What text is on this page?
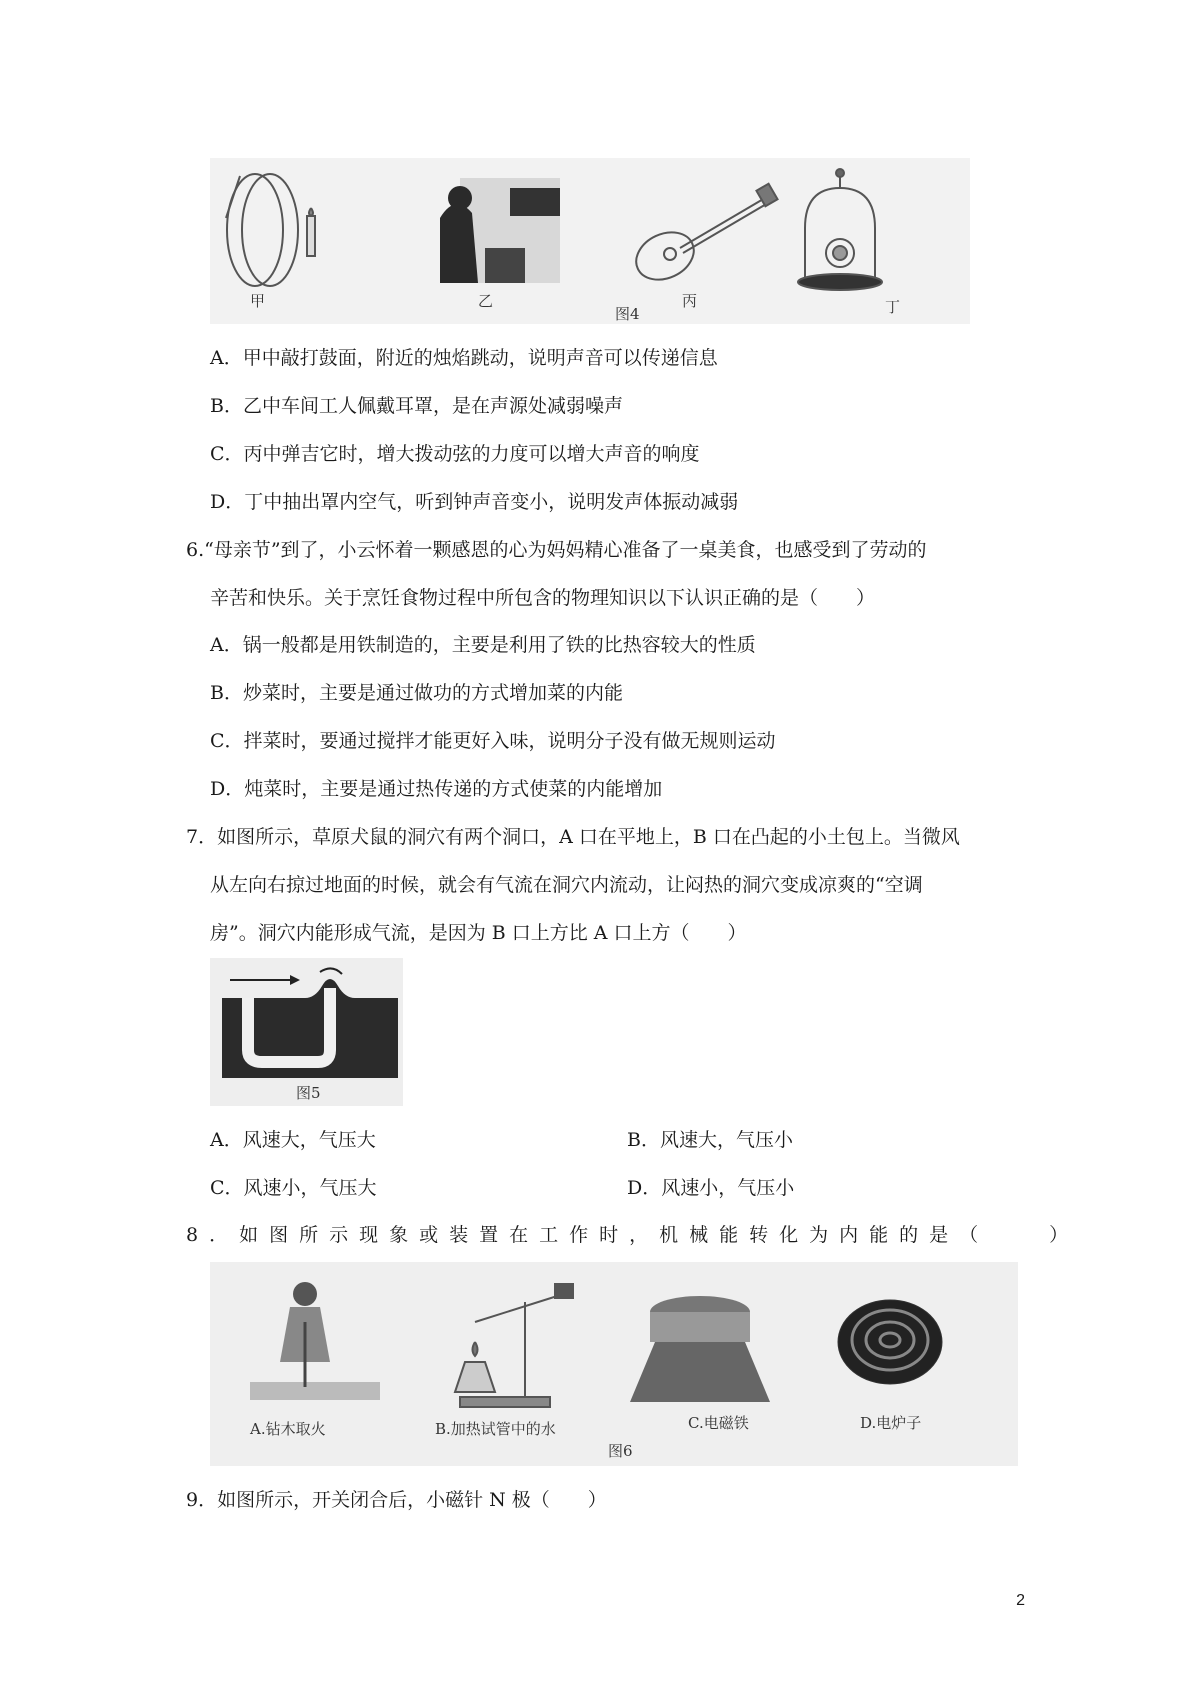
甲	乙	丙	丁
图4
A．甲中敲打鼓面，附近的烛焰跳动，说明声音可以传递信息
B．乙中车间工人佩戴耳罩，是在声源处减弱噪声
C．丙中弹吉它时，增大拨动弦的力度可以增大声音的响度
D．丁中抽出罩内空气，听到钟声音变小，说明发声体振动减弱
6.“母亲节”到了，小云怀着一颗感恩的心为妈妈精心准备了一桌美食，也感受到了劳动的
辛苦和快乐。关于烹饪食物过程中所包含的物理知识以下认识正确的是（　　）
A．锅一般都是用铁制造的，主要是利用了铁的比热容较大的性质
B．炒菜时，主要是通过做功的方式增加菜的内能
C．拌菜时，要通过搅拌才能更好入味，说明分子没有做无规则运动
D．炖菜时，主要是通过热传递的方式使菜的内能增加
7．如图所示，草原犬鼠的洞穴有两个洞口，A 口在平地上，B 口在凸起的小土包上。当微风
从左向右掠过地面的时候，就会有气流在洞穴内流动，让闷热的洞穴变成凉爽的“空调
房”。洞穴内能形成气流，是因为 B 口上方比 A 口上方（　　）
图5
A．风速大，气压大	B．风速大，气压小
C．风速小，气压大	D．风速小，气压小
8．如图所示现象或装置在工作时，机械能转化为内能的是（　　）
A.钻木取火	B.加热试管中的水	C.电磁铁	D.电炉子
图6
9．如图所示，开关闭合后，小磁针 N 极（　　）
2
